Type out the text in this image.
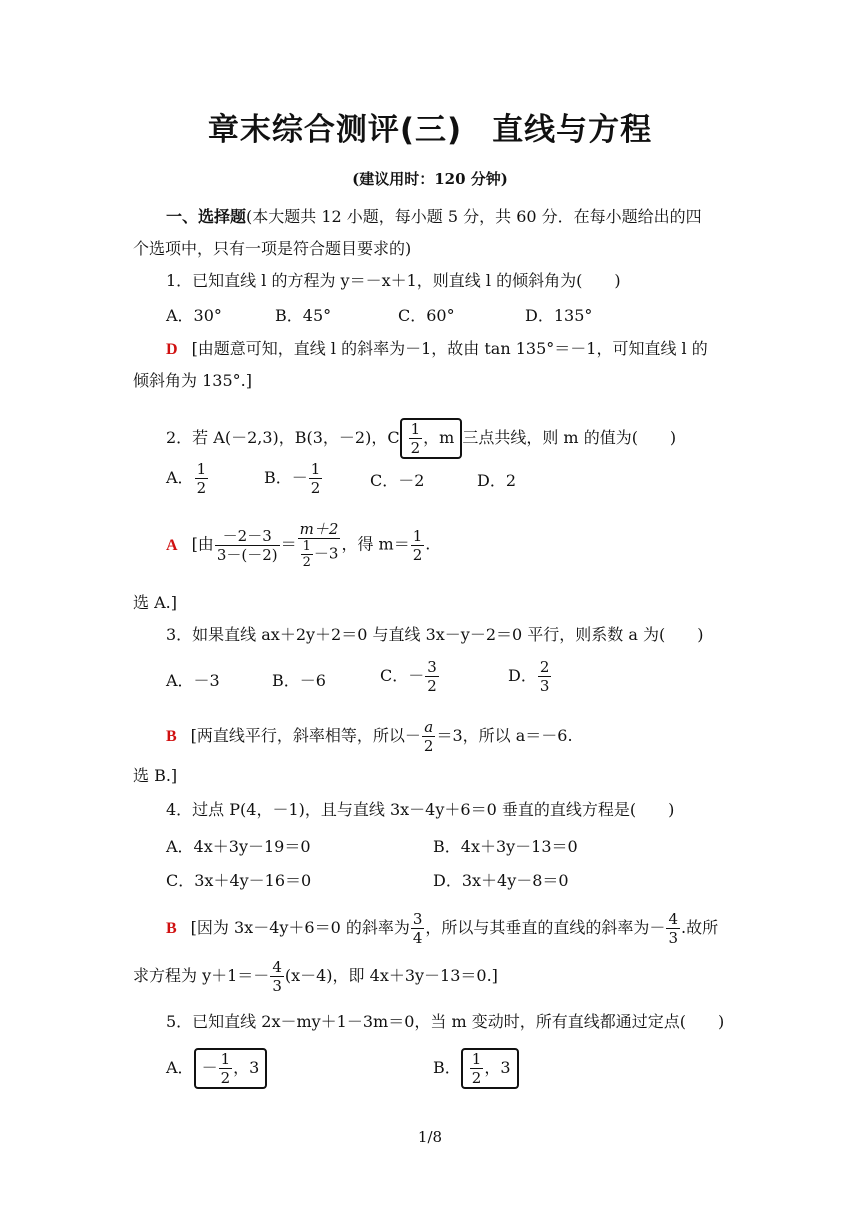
章末综合测评(三) 直线与方程
(建议用时：120 分钟)
一、选择题(本大题共 12 小题，每小题 5 分，共 60 分．在每小题给出的四
个选项中，只有一项是符合题目要求的)
1．已知直线 l 的方程为 y＝－x＋1，则直线 l 的倾斜角为(　　)
A．30°	B．45°	C．60°	D．135°
D [由题意可知，直线 l 的斜率为－1，故由 tan 135°＝－1，可知直线 l 的
倾斜角为 135°.]
2．若 A(－2,3)，B(3，－2)，C $\frac{1}{2}$ ，m 三点共线，则 m 的值为(　　)
A． $\frac{1}{2}$	B．－ $\frac{1}{2}$	C．－2	D．2
A [由 $\frac{-2-3}{3-(-2)} = \frac{m+2}{\frac{1}{2} -3}$ ，得 $m= \frac{1}{2}$ .
选 A.]
3．如果直线 ax＋2y＋2＝0 与直线 3x－y－2＝0 平行，则系数 a 为(　　)
A．－3	B．－6	C．－ $\frac{3}{2}$	D． $\frac{2}{3}$
B [两直线平行，斜率相等，所以－ $\frac{a}{2} =3$，所以 a＝－6.
选 B.]
4．过点 P(4，－1)，且与直线 3x－4y＋6＝0 垂直的直线方程是(　　)
A．4x＋3y－19＝0	B．4x＋3y－13＝0
C．3x＋4y－16＝0	D．3x＋4y－8＝0
B [因为 3x－4y＋6＝0 的斜率为 $\frac{3}{4}$ ，所以与其垂直的直线的斜率为－ $\frac{4}{3}$ .故所
求方程为 $y+1=- \frac{4}{3} (x-4)$，即 4x＋3y－13＝0.]
5．已知直线 2x－my＋1－3m＝0，当 m 变动时，所有直线都通过定点(　　)
A． － $\frac{1}{2}$ ，3	B． $\frac{1}{2}$ ，3
1/8
